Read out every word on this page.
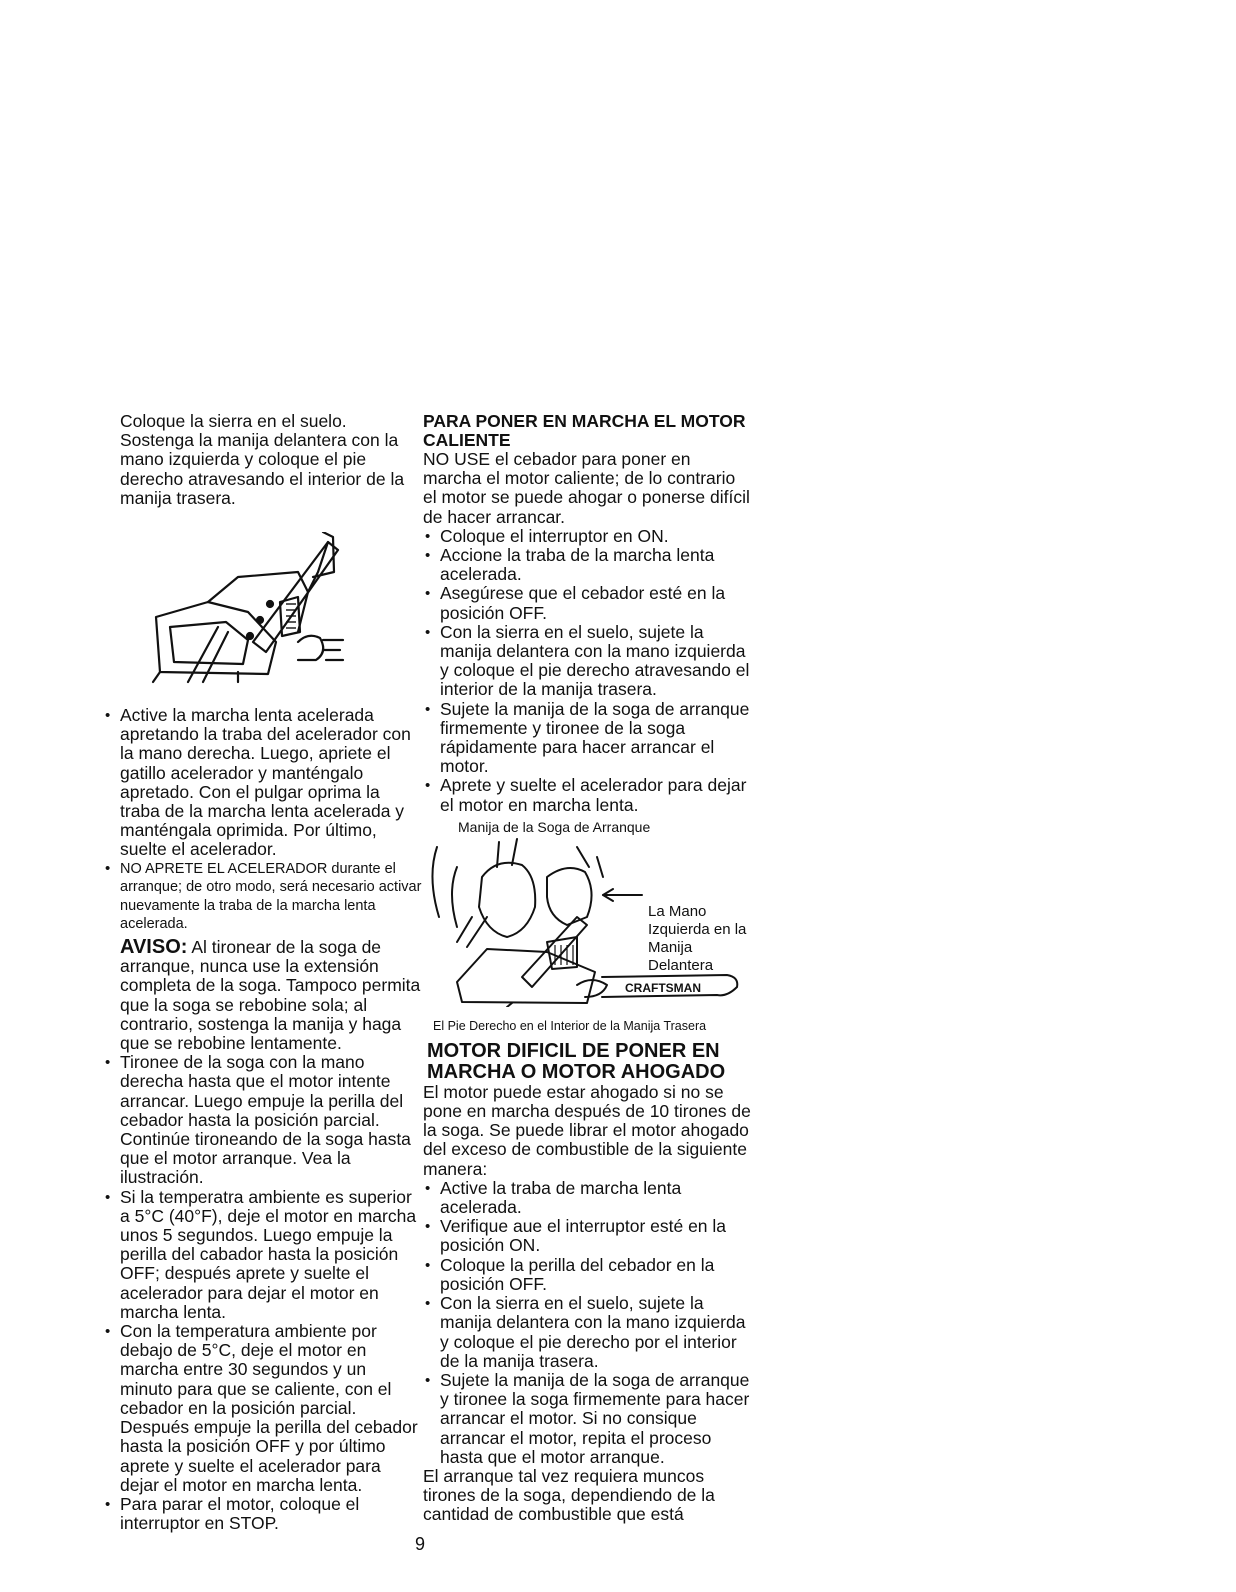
Coloque la sierra en el suelo. Sostenga la manija delantera con la mano izquierda y coloque el pie derecho atravesando el interior de la manija trasera.

• Active la marcha lenta acelerada apretando la traba del acelerador con la mano derecha. Luego, apriete el gatillo acelerador y manténgalo apretado. Con el pulgar oprima la traba de la marcha lenta acelerada y manténgala oprimida. Por último, suelte el acelerador.
• NO APRETE EL ACELERADOR durante el arranque; de otro modo, será necesario activar nuevamente la traba de la marcha lenta acelerada.

AVISO: Al tironear de la soga de arranque, nunca use la extensión completa de la soga. Tampoco permita que la soga se rebobine sola; al contrario, sostenga la manija y haga que se rebobine lentamente.

• Tironee de la soga con la mano derecha hasta que el motor intente arrancar. Luego empuje la perilla del cebador hasta la posición parcial. Continúe tironeando de la soga hasta que el motor arranque. Vea la ilustración.
• Si la temperatra ambiente es superior a 5°C (40°F), deje el motor en marcha unos 5 segundos. Luego empuje la perilla del cabador hasta la posición OFF; después aprete y suelte el acelerador para dejar el motor en marcha lenta.
• Con la temperatura ambiente por debajo de 5°C, deje el motor en marcha entre 30 segundos y un minuto para que se caliente, con el cebador en la posición parcial. Después empuje la perilla del cebador hasta la posición OFF y por último aprete y suelte el acelerador para dejar el motor en marcha lenta.
• Para parar el motor, coloque el interruptor en STOP.

PARA PONER EN MARCHA EL MOTOR CALIENTE

NO USE el cebador para poner en marcha el motor caliente; de lo contrario el motor se puede ahogar o ponerse difícil de hacer arrancar.

• Coloque el interruptor en ON.
• Accione la traba de la marcha lenta acelerada.
• Asegúrese que el cebador esté en la posición OFF.
• Con la sierra en el suelo, sujete la manija delantera con la mano izquierda y coloque el pie derecho atravesando el interior de la manija trasera.
• Sujete la manija de la soga de arranque firmemente y tironee de la soga rápidamente para hacer arrancar el motor.
• Aprete y suelte el acelerador para dejar el motor en marcha lenta.

Manija de la Soga de Arranque

CRAFTSMAN
La Mano Izquierda en la Manija Delantera

El Pie Derecho en el Interior de la Manija Trasera

MOTOR DIFICIL DE PONER EN MARCHA O MOTOR AHOGADO

El motor puede estar ahogado si no se pone en marcha después de 10 tirones de la soga. Se puede librar el motor ahogado del exceso de combustible de la siguiente manera:

• Active la traba de marcha lenta acelerada.
• Verifique aue el interruptor esté en la posición ON.
• Coloque la perilla del cebador en la posición OFF.
• Con la sierra en el suelo, sujete la manija delantera con la mano izquierda y coloque el pie derecho por el interior de la manija trasera.
• Sujete la manija de la soga de arranque y tironee la soga firmemente para hacer arrancar el motor. Si no consique arrancar el motor, repita el proceso hasta que el motor arranque.

El arranque tal vez requiera muncos tirones de la soga, dependiendo de la cantidad de combustible que está

9
